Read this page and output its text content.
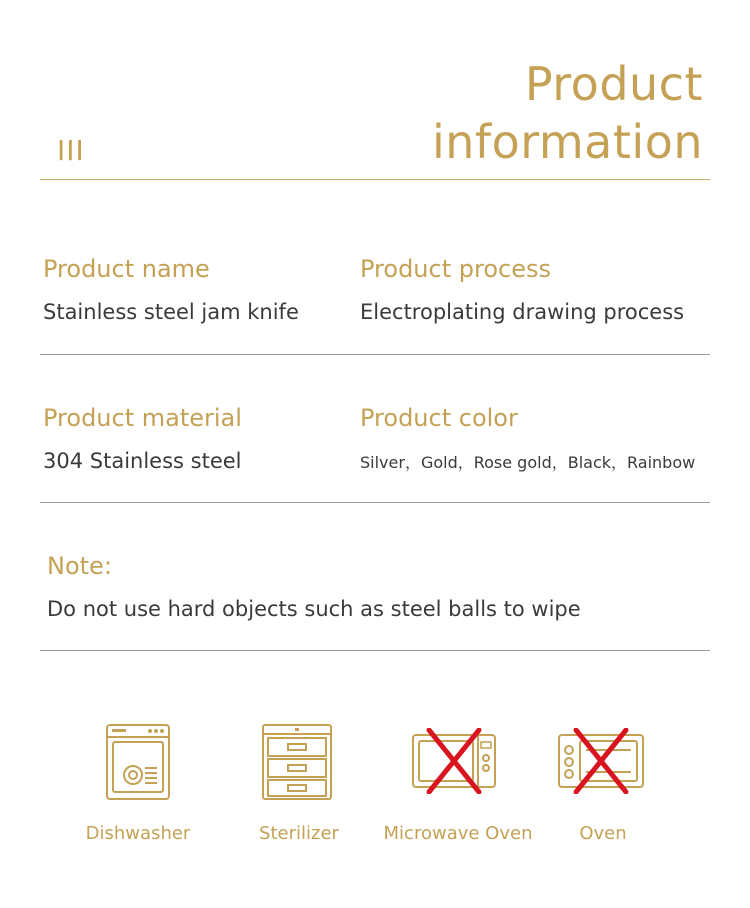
III
Product
information
Product name
Stainless steel jam knife
Product process
Electroplating drawing process
Product material
304 Stainless steel
Product color
Silver，Gold，Rose gold，Black，Rainbow
Note:
Do not use hard objects such as steel balls to wipe
Dishwasher	Sterilizer Microwave Oven	Oven
